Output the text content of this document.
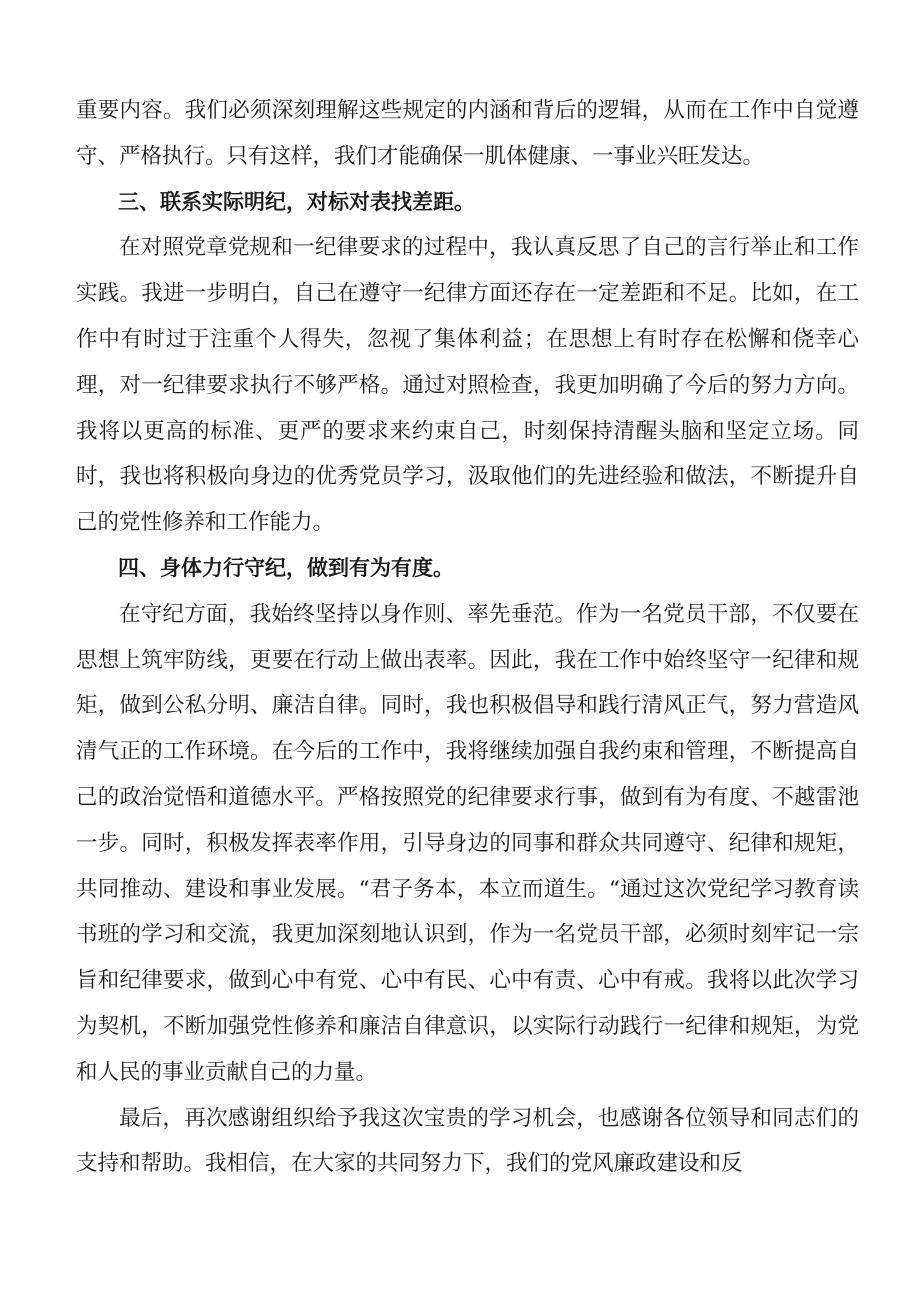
重要内容。我们必须深刻理解这些规定的内涵和背后的逻辑，从而在工作中自觉遵守、严格执行。只有这样，我们才能确保一肌体健康、一事业兴旺发达。

三、联系实际明纪，对标对表找差距。

在对照党章党规和一纪律要求的过程中，我认真反思了自己的言行举止和工作实践。我进一步明白，自己在遵守一纪律方面还存在一定差距和不足。比如，在工作中有时过于注重个人得失，忽视了集体利益；在思想上有时存在松懈和侥幸心理，对一纪律要求执行不够严格。通过对照检查，我更加明确了今后的努力方向。我将以更高的标准、更严的要求来约束自己，时刻保持清醒头脑和坚定立场。同时，我也将积极向身边的优秀党员学习，汲取他们的先进经验和做法，不断提升自己的党性修养和工作能力。

四、身体力行守纪，做到有为有度。

在守纪方面，我始终坚持以身作则、率先垂范。作为一名党员干部，不仅要在思想上筑牢防线，更要在行动上做出表率。因此，我在工作中始终坚守一纪律和规矩，做到公私分明、廉洁自律。同时，我也积极倡导和践行清风正气，努力营造风清气正的工作环境。在今后的工作中，我将继续加强自我约束和管理，不断提高自己的政治觉悟和道德水平。严格按照党的纪律要求行事，做到有为有度、不越雷池一步。同时，积极发挥表率作用，引导身边的同事和群众共同遵守、纪律和规矩，共同推动、建设和事业发展。“君子务本，本立而道生。“通过这次党纪学习教育读书班的学习和交流，我更加深刻地认识到，作为一名党员干部，必须时刻牢记一宗旨和纪律要求，做到心中有党、心中有民、心中有责、心中有戒。我将以此次学习为契机，不断加强党性修养和廉洁自律意识，以实际行动践行一纪律和规矩，为党和人民的事业贡献自己的力量。

最后，再次感谢组织给予我这次宝贵的学习机会，也感谢各位领导和同志们的支持和帮助。我相信，在大家的共同努力下，我们的党风廉政建设和反
